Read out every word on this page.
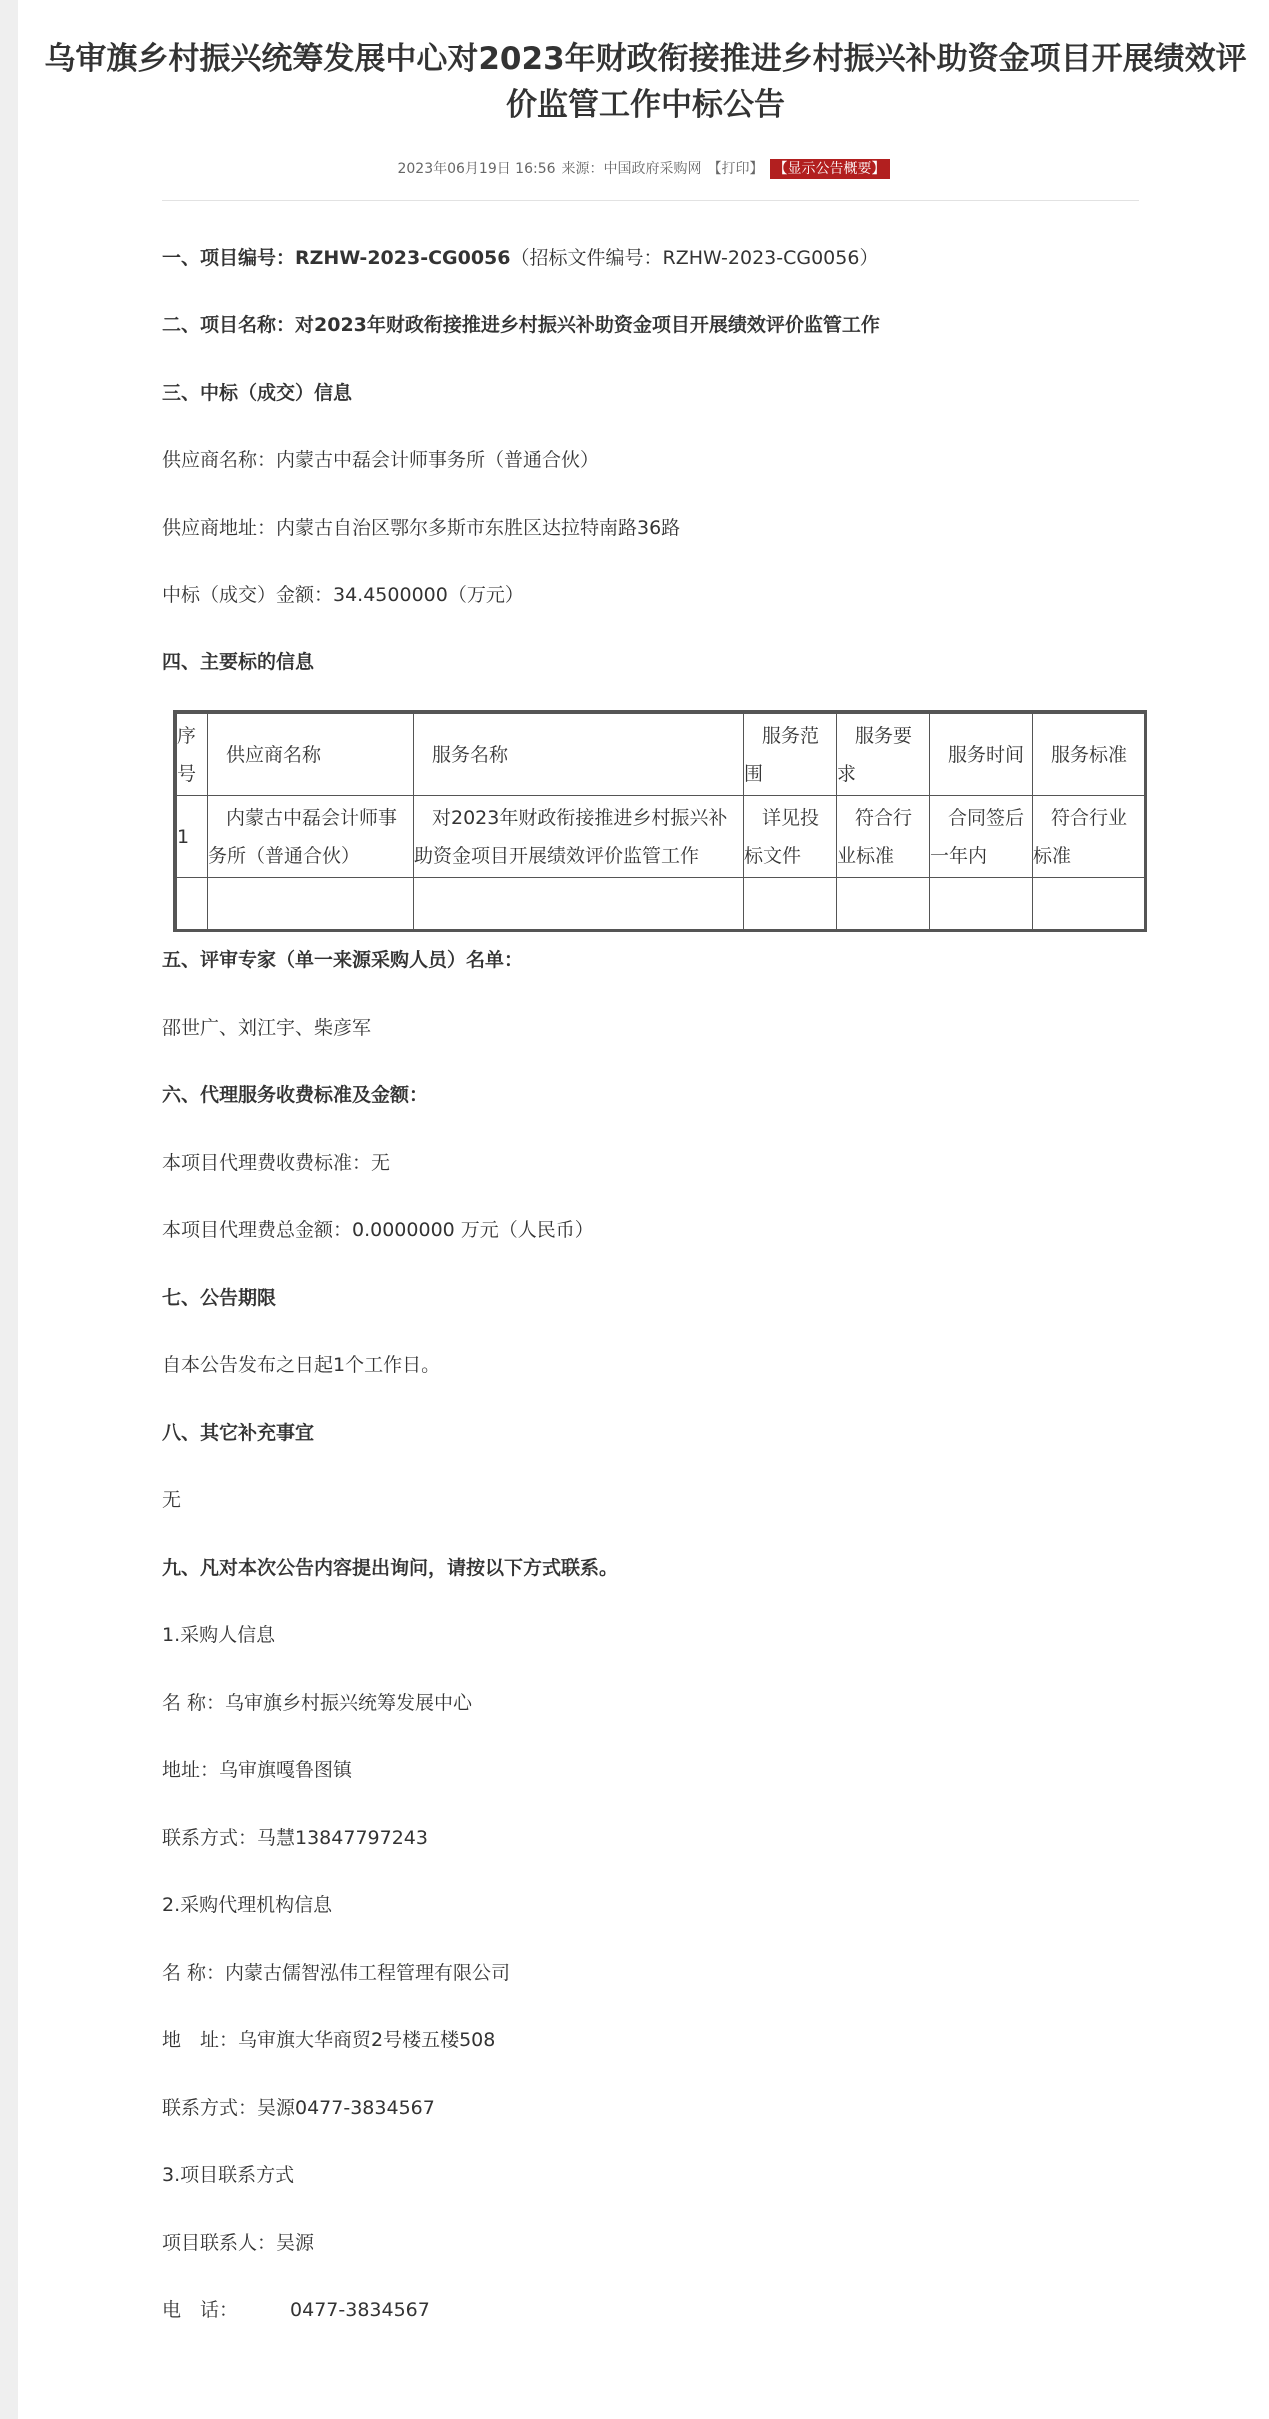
乌审旗乡村振兴统筹发展中心对2023年财政衔接推进乡村振兴补助资金项目开展绩效评价监管工作中标公告
2023年06月19日 16:56 来源：中国政府采购网 【打印】 【显示公告概要】
一、项目编号：RZHW-2023-CG0056（招标文件编号：RZHW-2023-CG0056）
二、项目名称：对2023年财政衔接推进乡村振兴补助资金项目开展绩效评价监管工作
三、中标（成交）信息
供应商名称：内蒙古中磊会计师事务所（普通合伙）
供应商地址：内蒙古自治区鄂尔多斯市东胜区达拉特南路36路
中标（成交）金额：34.4500000（万元）
四、主要标的信息
序号	供应商名称	服务名称	服务范围	服务要求	服务时间	服务标准
1	内蒙古中磊会计师事务所（普通合伙）	对2023年财政衔接推进乡村振兴补助资金项目开展绩效评价监管工作	详见投标文件	符合行业标准	合同签后一年内	符合行业标准

五、评审专家（单一来源采购人员）名单：
邵世广、刘江宇、柴彦军
六、代理服务收费标准及金额：
本项目代理费收费标准：无
本项目代理费总金额：0.0000000 万元（人民币）
七、公告期限
自本公告发布之日起1个工作日。
八、其它补充事宜
无
九、凡对本次公告内容提出询问，请按以下方式联系。
1.采购人信息
名 称：乌审旗乡村振兴统筹发展中心
地址：乌审旗嘎鲁图镇
联系方式：马慧13847797243
2.采购代理机构信息
名 称：内蒙古儒智泓伟工程管理有限公司
地　址：乌审旗大华商贸2号楼五楼508
联系方式：吴源0477-3834567
3.项目联系方式
项目联系人：吴源
电　话：	0477-3834567
